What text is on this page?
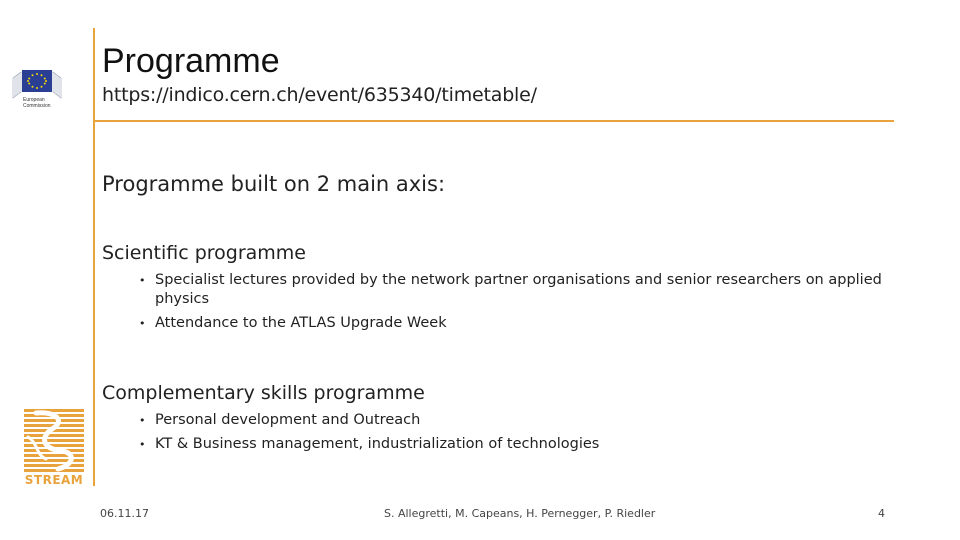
European
Commission
STREAM
Programme
https://indico.cern.ch/event/635340/timetable/
Programme built on 2 main axis:
Scientific programme
• Specialist lectures provided by the network partner organisations and senior researchers on applied physics
• Attendance to the ATLAS Upgrade Week
Complementary skills programme
• Personal development and Outreach
• KT & Business management, industrialization of technologies
06.11.17	S. Allegretti, M. Capeans, H. Pernegger, P. Riedler	4
